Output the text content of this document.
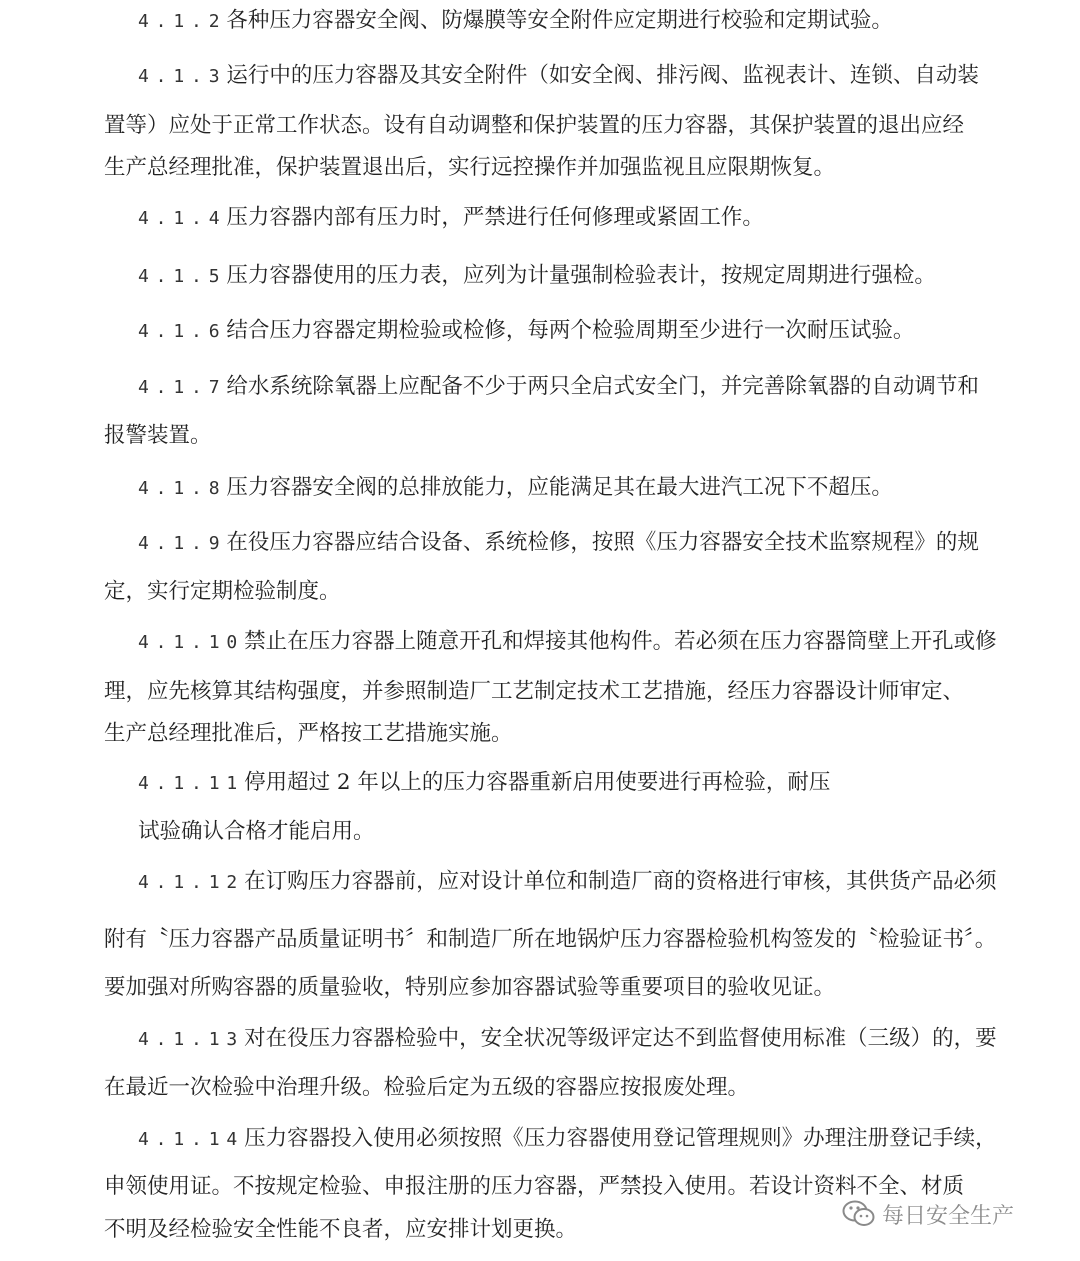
4.1.2各种压力容器安全阀、防爆膜等安全附件应定期进行校验和定期试验。
4.1.3运行中的压力容器及其安全附件（如安全阀、排污阀、监视表计、连锁、自动装
置等）应处于正常工作状态。设有自动调整和保护装置的压力容器，其保护装置的退出应经
生产总经理批准，保护装置退出后，实行远控操作并加强监视且应限期恢复。
4.1.4压力容器内部有压力时，严禁进行任何修理或紧固工作。
4.1.5压力容器使用的压力表，应列为计量强制检验表计，按规定周期进行强检。
4.1.6结合压力容器定期检验或检修，每两个检验周期至少进行一次耐压试验。
4.1.7给水系统除氧器上应配备不少于两只全启式安全门，并完善除氧器的自动调节和
报警装置。
4.1.8压力容器安全阀的总排放能力，应能满足其在最大进汽工况下不超压。
4.1.9在役压力容器应结合设备、系统检修，按照《压力容器安全技术监察规程》的规
定，实行定期检验制度。
4.1.10禁止在压力容器上随意开孔和焊接其他构件。若必须在压力容器筒壁上开孔或修
理，应先核算其结构强度，并参照制造厂工艺制定技术工艺措施，经压力容器设计师审定、
生产总经理批准后，严格按工艺措施实施。
4.1.11停用超过 2 年以上的压力容器重新启用使要进行再检验，耐压
试验确认合格才能启用。
4.1.12在订购压力容器前，应对设计单位和制造厂商的资格进行审核，其供货产品必须
附有〝压力容器产品质量证明书〞和制造厂所在地锅炉压力容器检验机构签发的〝检验证书〞。
要加强对所购容器的质量验收，特别应参加容器试验等重要项目的验收见证。
4.1.13对在役压力容器检验中，安全状况等级评定达不到监督使用标准（三级）的，要
在最近一次检验中治理升级。检验后定为五级的容器应按报废处理。
4.1.14压力容器投入使用必须按照《压力容器使用登记管理规则》办理注册登记手续，
申领使用证。不按规定检验、申报注册的压力容器，严禁投入使用。若设计资料不全、材质
不明及经检验安全性能不良者，应安排计划更换。
每日安全生产
